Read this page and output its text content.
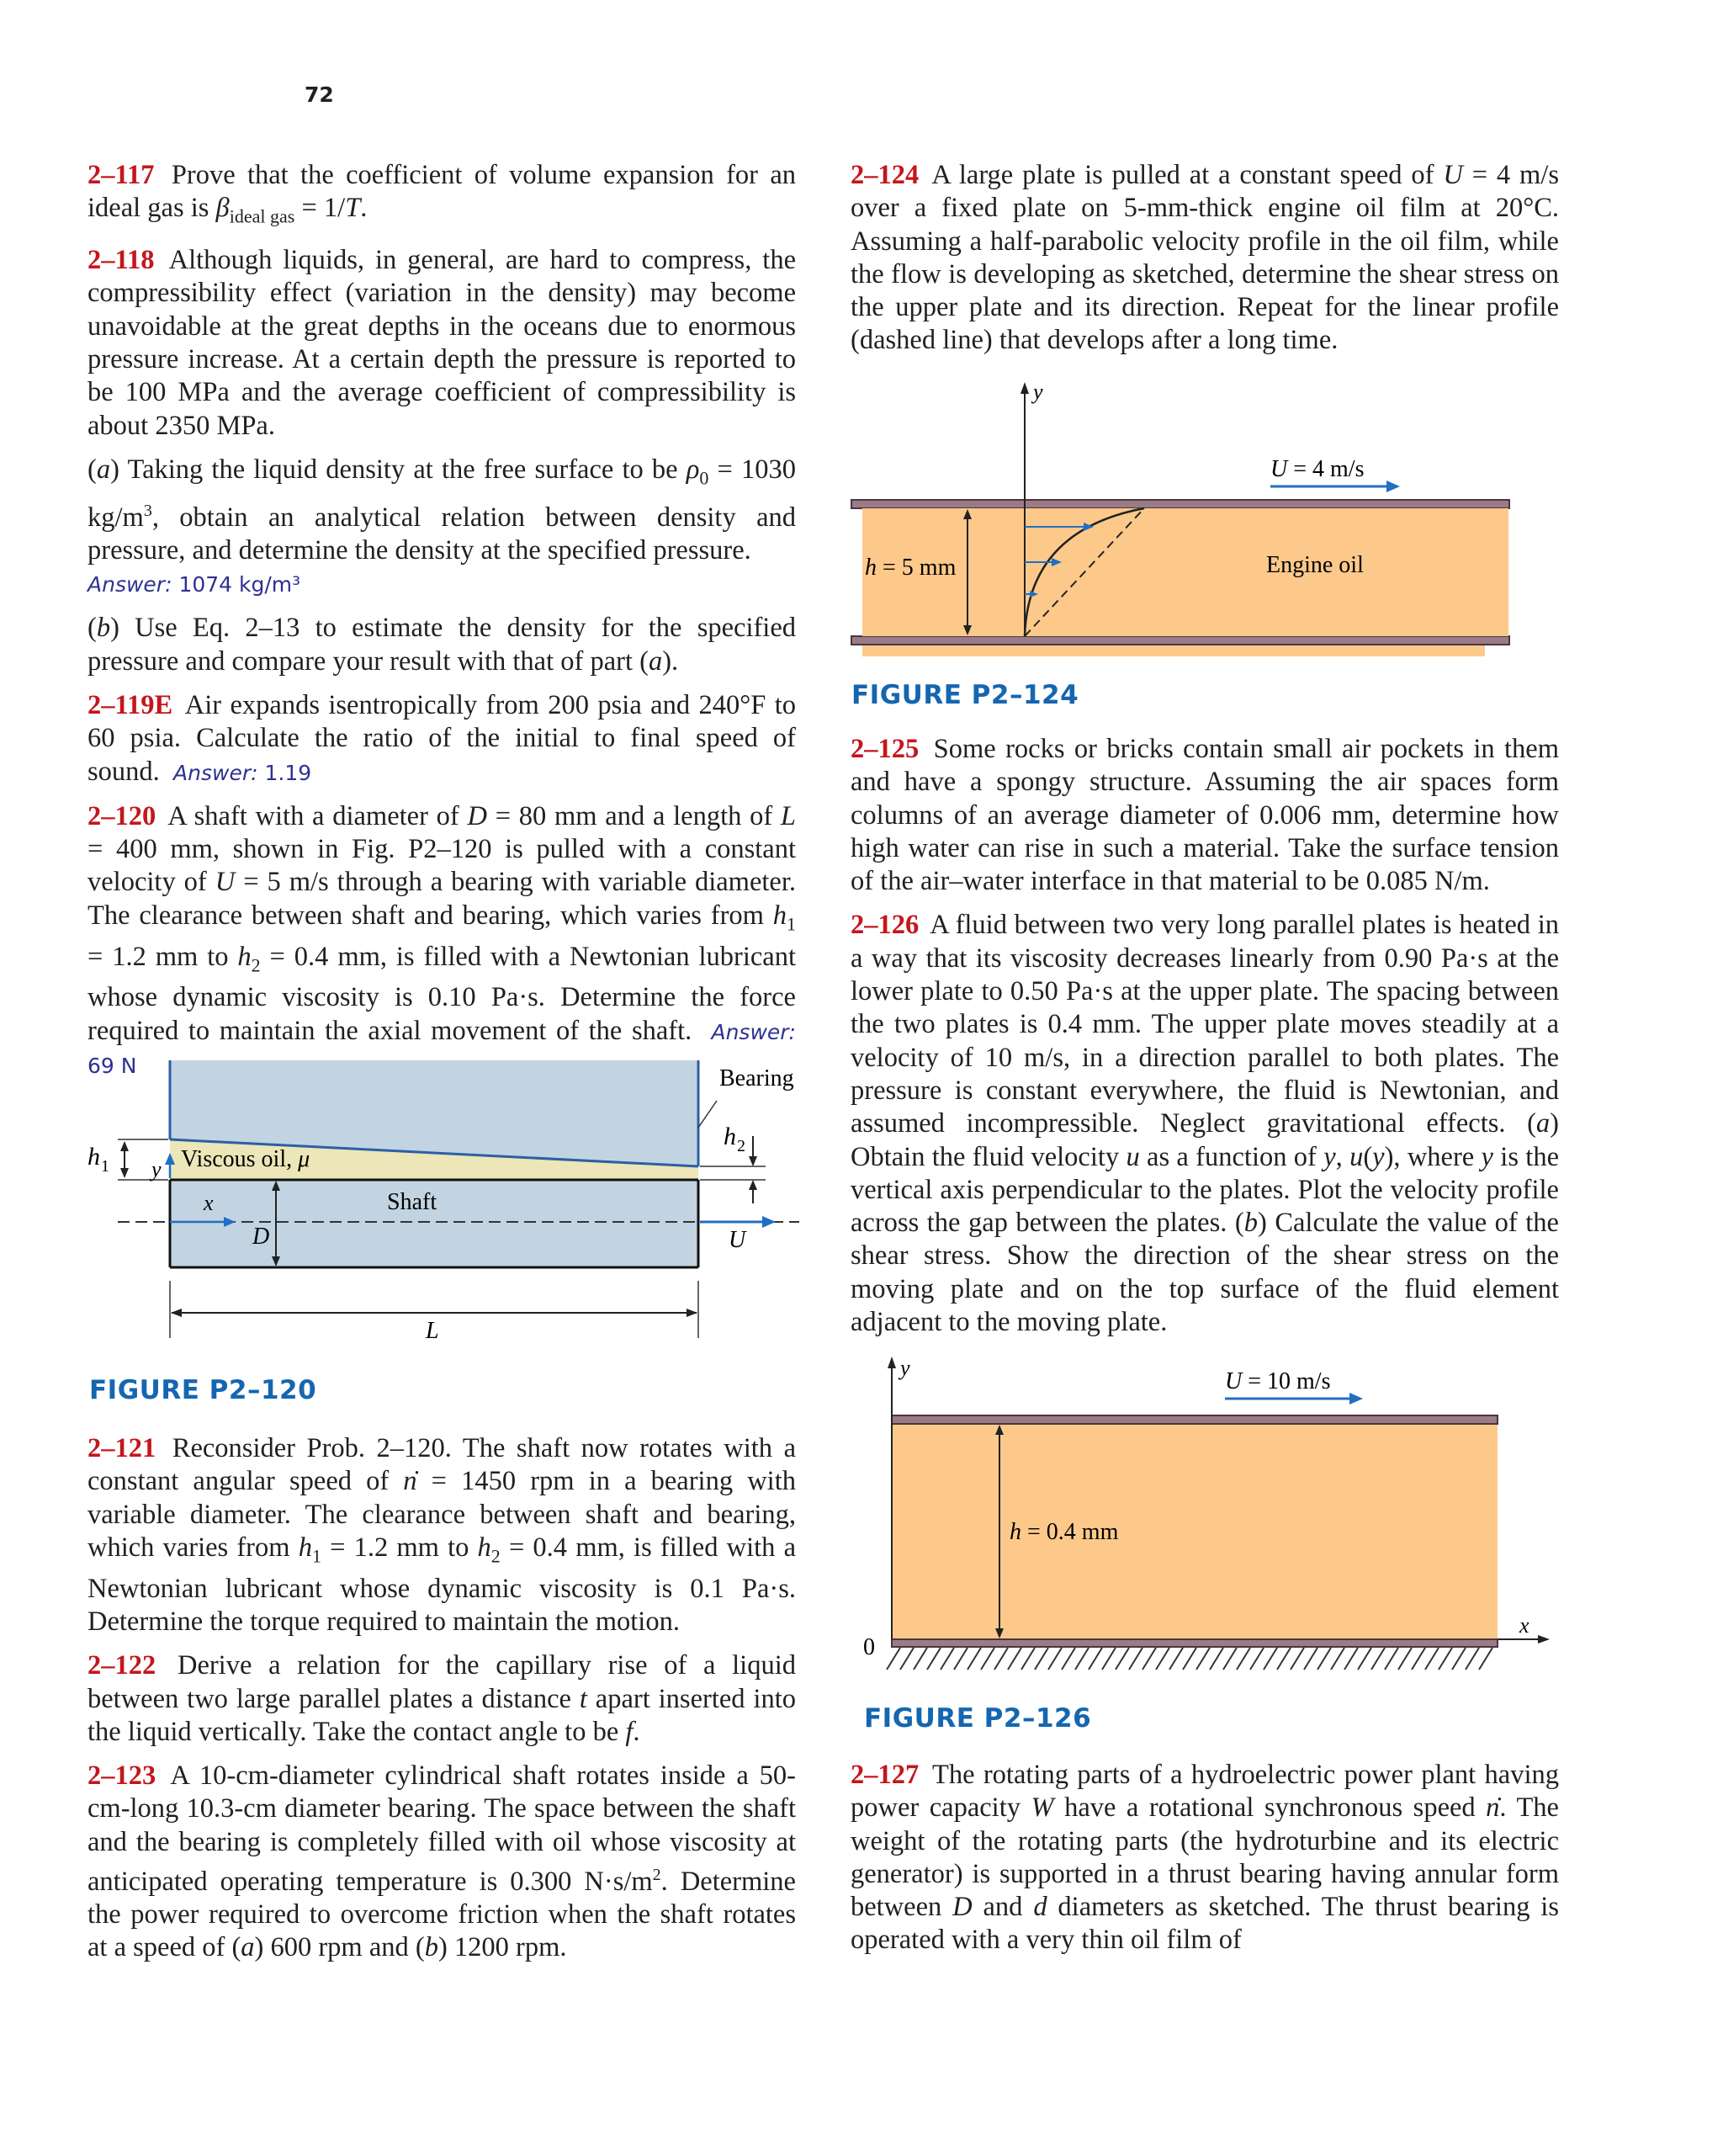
72

2–117 Prove that the coefficient of volume expansion for an ideal gas is $\beta_{ideal gas} = 1/T$.

2–118 Although liquids, in general, are hard to compress, the compressibility effect (variation in the density) may become unavoidable at the great depths in the oceans due to enormous pressure increase. At a certain depth the pressure is reported to be 100 MPa and the average coefficient of compressibility is about 2350 MPa.

(a) Taking the liquid density at the free surface to be $\rho_0 = 1030$ $kg/m^3$, obtain an analytical relation between density and pressure, and determine the density at the specified pressure.

Answer: 1074 kg/m³

(b) Use Eq. 2–13 to estimate the density for the specified pressure and compare your result with that of part (a).

2–119E Air expands isentropically from 200 psia and 240°F to 60 psia. Calculate the ratio of the initial to final speed of sound. Answer: 1.19

2–120 A shaft with a diameter of D = 80 mm and a length of L = 400 mm, shown in Fig. P2–120 is pulled with a constant velocity of U = 5 m/s through a bearing with variable diameter. The clearance between shaft and bearing, which varies from $h_1 = 1.2$ mm to $h_2 = 0.4$ mm, is filled with a Newtonian lubricant whose dynamic viscosity is 0.10 Pa·s. Determine the force required to maintain the axial movement of the shaft. Answer: 69 N	Bearing
h 1
h 2
y Viscous oil, μ
x	Shaft
D	U
L
FIGURE P2–120

2–121 Reconsider Prob. 2–120. The shaft now rotates with a constant angular speed of n = 1450 rpm in a bearing with variable diameter. The clearance between shaft and bearing, which varies from $h_1 = 1.2$ mm to $h_2 = 0.4$ mm, is filled with a Newtonian lubricant whose dynamic viscosity is 0.1 Pa·s. Determine the torque required to maintain the motion.

2–122 Derive a relation for the capillary rise of a liquid between two large parallel plates a distance t apart inserted into the liquid vertically. Take the contact angle to be f.

2–123 A 10-cm-diameter cylindrical shaft rotates inside a 50-cm-long 10.3-cm diameter bearing. The space between the shaft and the bearing is completely filled with oil whose viscosity at anticipated operating temperature is 0.300 $N\cdot s/m^2$. Determine the power required to overcome friction when the shaft rotates at a speed of (a) 600 rpm and (b) 1200 rpm.

2–124 A large plate is pulled at a constant speed of U = 4 m/s over a fixed plate on 5-mm-thick engine oil film at 20°C. Assuming a half-parabolic velocity profile in the oil film, while the flow is developing as sketched, determine the shear stress on the upper plate and its direction. Repeat for the linear profile (dashed line) that develops after a long time.

y
U = 4 m/s
h = 5 mm	Engine oil
FIGURE P2–124

2–125 Some rocks or bricks contain small air pockets in them and have a spongy structure. Assuming the air spaces form columns of an average diameter of 0.006 mm, determine how high water can rise in such a material. Take the surface tension of the air–water interface in that material to be 0.085 N/m.

2–126 A fluid between two very long parallel plates is heated in a way that its viscosity decreases linearly from 0.90 Pa·s at the lower plate to 0.50 Pa·s at the upper plate. The spacing between the two plates is 0.4 mm. The upper plate moves steadily at a velocity of 10 m/s, in a direction parallel to both plates. The pressure is constant everywhere, the fluid is Newtonian, and assumed incompressible. Neglect gravitational effects. (a) Obtain the fluid velocity u as a function of y, u(y), where y is the vertical axis perpendicular to the plates. Plot the velocity profile across the gap between the plates. (b) Calculate the value of the shear stress. Show the direction of the shear stress on the moving plate and on the top surface of the fluid element adjacent to the moving plate.

y
0
x
U = 10 m/s
h = 0.4 mm
FIGURE P2–126

2–127 The rotating parts of a hydroelectric power plant having power capacity W have a rotational synchronous speed n. The weight of the rotating parts (the hydroturbine and its electric generator) is supported in a thrust bearing having annular form between D and d diameters as sketched. The thrust bearing is operated with a very thin oil film of
